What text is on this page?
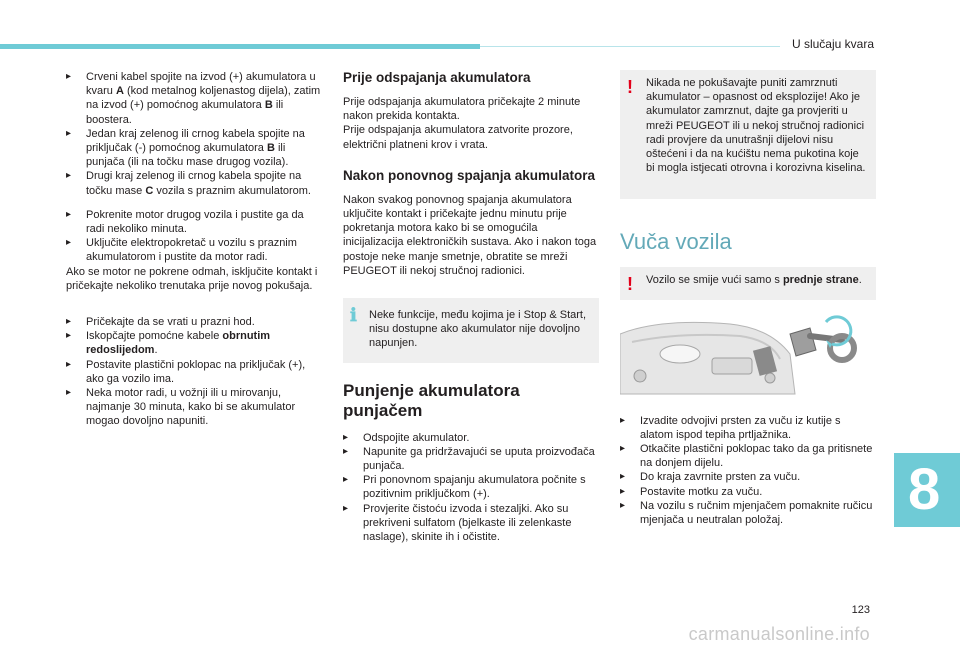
U slučaju kvara
▸ Crveni kabel spojite na izvod (+) akumulatora u kvaru A (kod metalnog koljenastog dijela), zatim na izvod (+) pomoćnog akumulatora B ili boostera.
▸ Jedan kraj zelenog ili crnog kabela spojite na priključak (-) pomoćnog akumulatora B ili punjača (ili na točku mase drugog vozila).
▸ Drugi kraj zelenog ili crnog kabela spojite na točku mase C vozila s praznim akumulatorom.
▸ Pokrenite motor drugog vozila i pustite ga da radi nekoliko minuta.
▸ Uključite elektropokretač u vozilu s praznim akumulatorom i pustite da motor radi.

Ako se motor ne pokrene odmah, isključite kontakt i pričekajte nekoliko trenutaka prije novog pokušaja.

▸ Pričekajte da se vrati u prazni hod.
▸ Iskopčajte pomoćne kabele obrnutim redoslijedom.
▸ Postavite plastični poklopac na priključak (+), ako ga vozilo ima.
▸ Neka motor radi, u vožnji ili u mirovanju, najmanje 30 minuta, kako bi se akumulator mogao dovoljno napuniti.
Prije odspajanja akumulatora

Prije odspajanja akumulatora pričekajte 2 minute nakon prekida kontakta.
Prije odspajanja akumulatora zatvorite prozore, električni platneni krov i vrata.

Nakon ponovnog spajanja akumulatora

Nakon svakog ponovnog spajanja akumulatora uključite kontakt i pričekajte jednu minutu prije pokretanja motora kako bi se omogućila inicijalizacija elektroničkih sustava. Ako i nakon toga postoje neke manje smetnje, obratite se mreži PEUGEOT ili nekoj stručnoj radionici.

ℹ Neke funkcije, među kojima je i Stop & Start, nisu dostupne ako akumulator nije dovoljno napunjen.
Punjenje akumulatora punjačem
▸ Odspojite akumulator.
▸ Napunite ga pridržavajući se uputa proizvođača punjača.
▸ Pri ponovnom spajanju akumulatora počnite s pozitivnim priključkom (+).
▸ Provjerite čistoću izvoda i stezaljki. Ako su prekriveni sulfatom (bjelkaste ili zelenkaste naslage), skinite ih i očistite.
! Nikada ne pokušavajte puniti zamrznuti akumulator – opasnost od eksplozije! Ako je akumulator zamrznut, dajte ga provjeriti u mreži PEUGEOT ili u nekoj stručnoj radionici radi provjere da unutrašnji dijelovi nisu oštećeni i da na kućištu nema pukotina koje bi mogla istjecati otrovna i korozivna kiselina.
Vuča vozila
! Vozilo se smije vući samo s prednje strane.
▸ Izvadite odvojivi prsten za vuču iz kutije s alatom ispod tepiha prtljažnika.
▸ Otkačite plastični poklopac tako da ga pritisnete na donjem dijelu.
▸ Do kraja zavrnite prsten za vuču.
▸ Postavite motku za vuču.
▸ Na vozilu s ručnim mjenjačem pomaknite ručicu mjenjača u neutralan položaj.	8
123
carmanualsonline.info
